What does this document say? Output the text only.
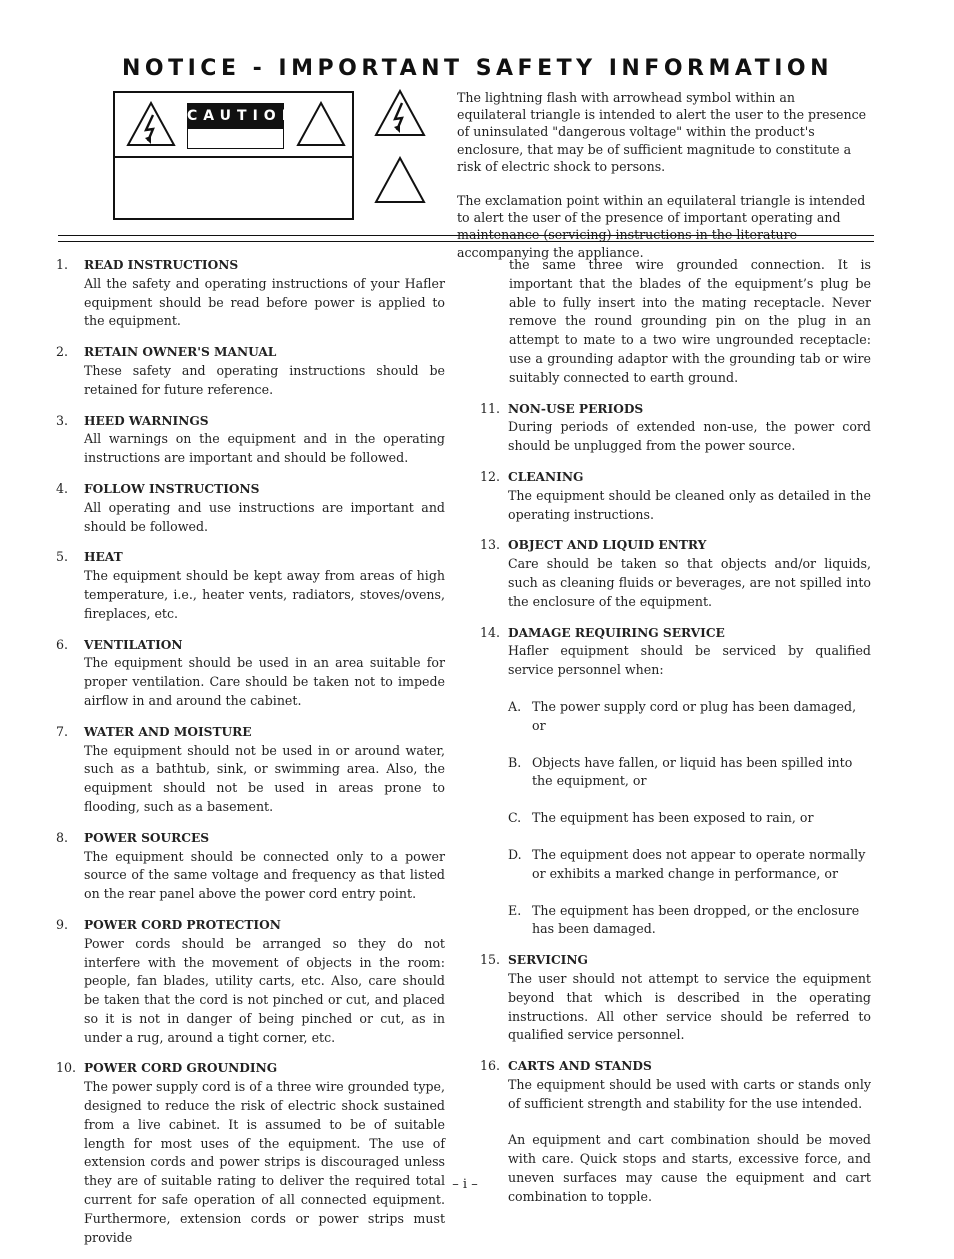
NOTICE - IMPORTANT SAFETY INFORMATION
CAUTION

The lightning flash with arrowhead symbol within an equilateral triangle is intended to alert the user to the presence of uninsulated "dangerous voltage" within the product's enclosure, that may be of sufficient magnitude to constitute a risk of electric shock to persons.

The exclamation point within an equilateral triangle is intended to alert the user of the presence of important operating and maintenance (servicing) instructions in the literature accompanying the appliance.

1. READ INSTRUCTIONS
All the safety and operating instructions of your Hafler equipment should be read before power is applied to the equipment.
2. RETAIN OWNER'S MANUAL
These safety and operating instructions should be retained for future reference.
3. HEED WARNINGS
All warnings on the equipment and in the operating instructions are important and should be followed.
4. FOLLOW INSTRUCTIONS
All operating and use instructions are important and should be followed.
5. HEAT
The equipment should be kept away from areas of high temperature, i.e., heater vents, radiators, stoves/ovens, fireplaces, etc.
6. VENTILATION
The equipment should be used in an area suitable for proper ventilation. Care should be taken not to impede airflow in and around the cabinet.
7. WATER AND MOISTURE
The equipment should not be used in or around water, such as a bathtub, sink, or swimming area. Also, the equipment should not be used in areas prone to flooding, such as a basement.
8. POWER SOURCES
The equipment should be connected only to a power source of the same voltage and frequency as that listed on the rear panel above the power cord entry point.
9. POWER CORD PROTECTION
Power cords should be arranged so they do not interfere with the movement of objects in the room: people, fan blades, utility carts, etc. Also, care should be taken that the cord is not pinched or cut, and placed so it is not in danger of being pinched or cut, as in under a rug, around a tight corner, etc.
10. POWER CORD GROUNDING
The power supply cord is of a three wire grounded type, designed to reduce the risk of electric shock sustained from a live cabinet. It is assumed to be of suitable length for most uses of the equipment. The use of extension cords and power strips is discouraged unless they are of suitable rating to deliver the required total current for safe operation of all connected equipment. Furthermore, extension cords or power strips must provide
the same three wire grounded connection. It is important that the blades of the equipment’s plug be able to fully insert into the mating receptacle. Never remove the round grounding pin on the plug in an attempt to mate to a two wire ungrounded receptacle: use a grounding adaptor with the grounding tab or wire suitably connected to earth ground.
11. NON-USE PERIODS
During periods of extended non-use, the power cord should be unplugged from the power source.
12. CLEANING
The equipment should be cleaned only as detailed in the operating instructions.
13. OBJECT AND LIQUID ENTRY
Care should be taken so that objects and/or liquids, such as cleaning fluids or beverages, are not spilled into the enclosure of the equipment.
14. DAMAGE REQUIRING SERVICE
Hafler equipment should be serviced by qualified service personnel when:
A. The power supply cord or plug has been damaged, or
B. Objects have fallen, or liquid has been spilled into the equipment, or
C. The equipment has been exposed to rain, or
D. The equipment does not appear to operate normally or exhibits a marked change in performance, or
E. The equipment has been dropped, or the enclosure has been damaged.
15. SERVICING
The user should not attempt to service the equipment beyond that which is described in the operating instructions. All other service should be referred to qualified service personnel.
16. CARTS AND STANDS
The equipment should be used with carts or stands only of sufficient strength and stability for the use intended.
An equipment and cart combination should be moved with care. Quick stops and starts, excessive force, and uneven surfaces may cause the equipment and cart combination to topple.
– i –
